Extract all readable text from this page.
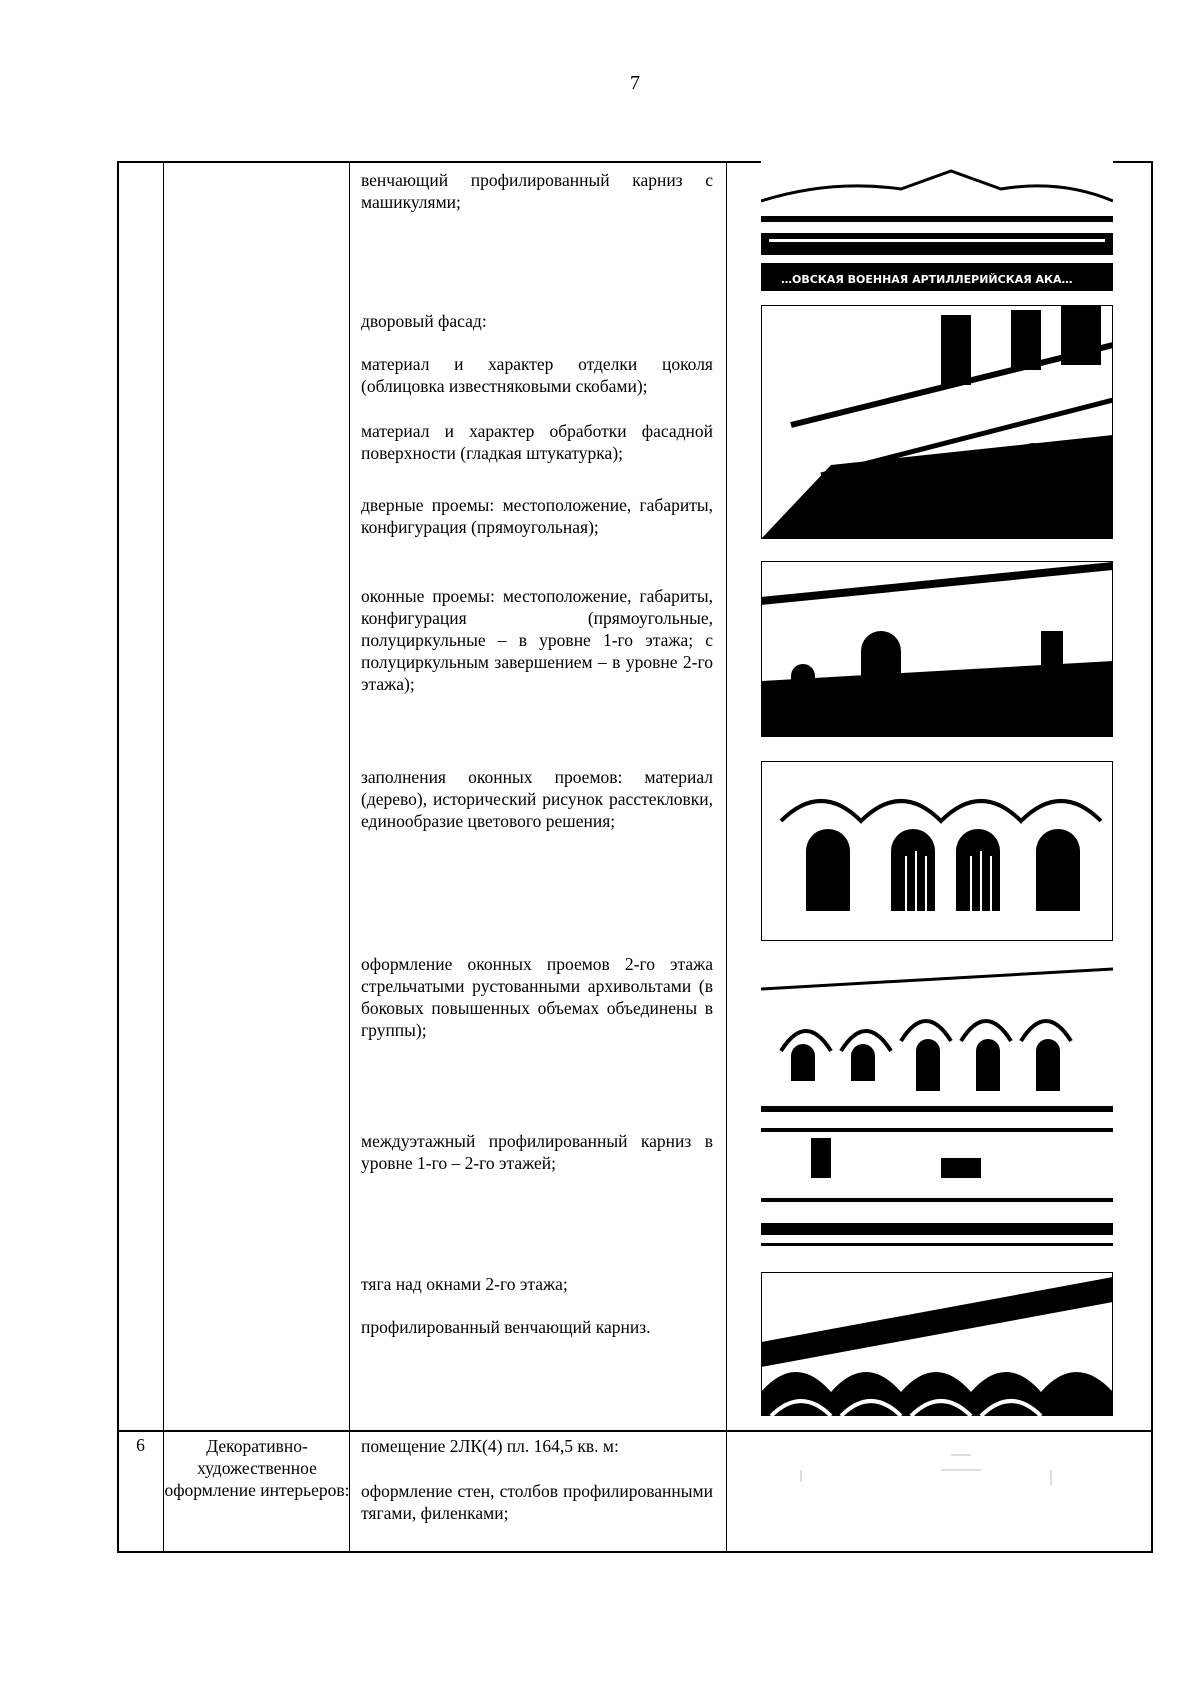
7
венчающий профилированный карниз с машикулями;
дворовый фасад:
материал и характер отделки цоколя (облицовка известняковыми скобами);
материал и характер обработки фасадной поверхности (гладкая штукатурка);
дверные проемы: местоположение, габариты, конфигурация (прямоугольная);
оконные проемы: местоположение, габариты, конфигурация (прямоугольные, полуциркульные – в уровне 1-го этажа; с полуциркульным завершением – в уровне 2-го этажа);
заполнения оконных проемов: материал (дерево), исторический рисунок расстекловки, единообразие цветового решения;
оформление оконных проемов 2-го этажа стрельчатыми рустованными архивольтами (в боковых повышенных объемах объединены в группы);
междуэтажный профилированный карниз в уровне 1-го – 2-го этажей;
тяга над окнами 2-го этажа;
профилированный венчающий карниз.
6	Декоративно-художественное оформление интерьеров:
помещение 2ЛК(4) пл. 164,5 кв. м:
оформление стен, столбов профилированными тягами, филенками;
…ОВСКАЯ ВОЕННАЯ АРТИЛЛЕРИЙСКАЯ АКА…
